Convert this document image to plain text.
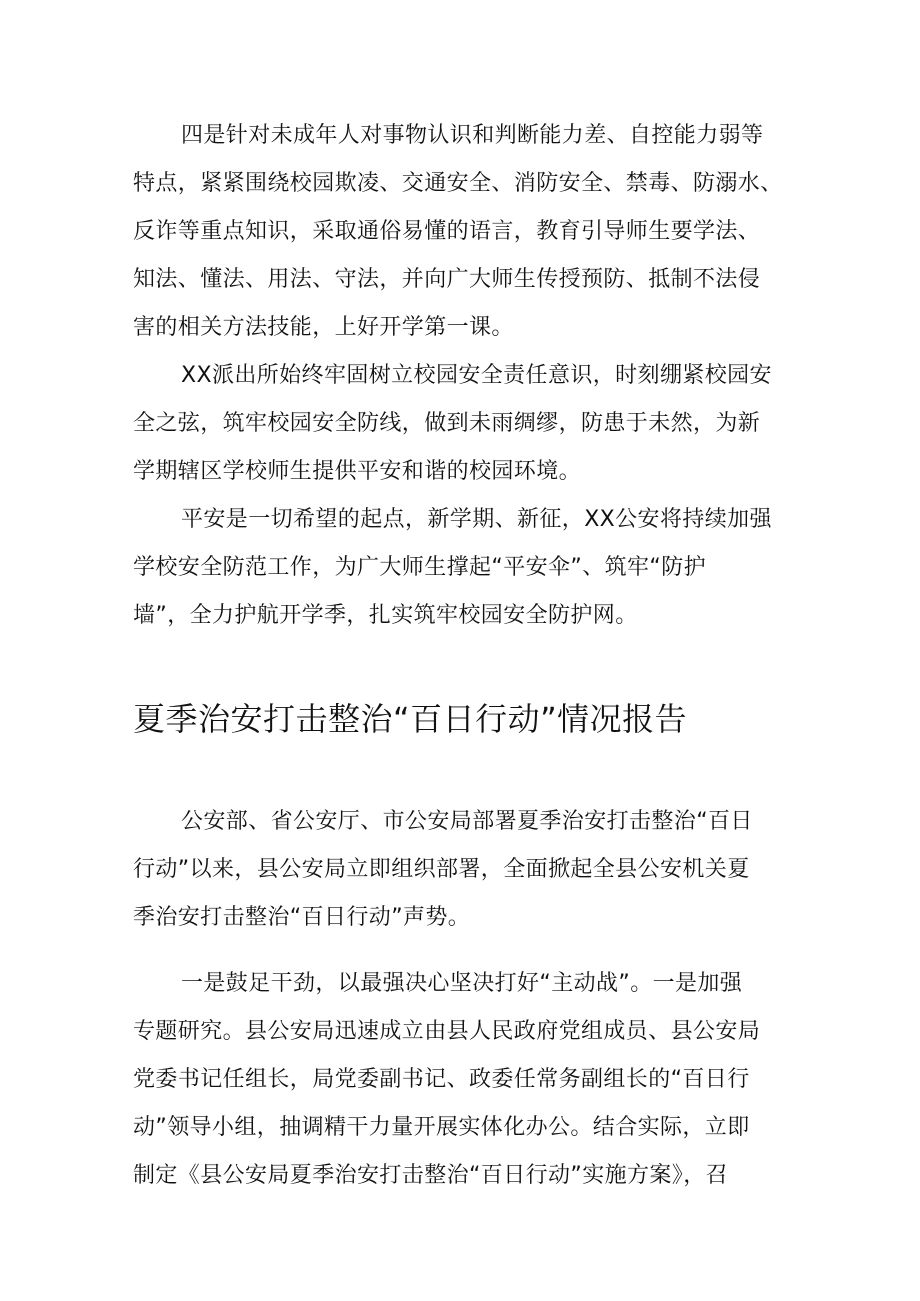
四是针对未成年人对事物认识和判断能力差、自控能力弱等
特点，紧紧围绕校园欺凌、交通安全、消防安全、禁毒、防溺水、
反诈等重点知识，采取通俗易懂的语言，教育引导师生要学法、
知法、懂法、用法、守法，并向广大师生传授预防、抵制不法侵
害的相关方法技能，上好开学第一课。

XX派出所始终牢固树立校园安全责任意识，时刻绷紧校园安
全之弦，筑牢校园安全防线，做到未雨绸缪，防患于未然，为新
学期辖区学校师生提供平安和谐的校园环境。

平安是一切希望的起点，新学期、新征，XX公安将持续加强
学校安全防范工作，为广大师生撑起“平安伞”、筑牢“防护
墙”，全力护航开学季，扎实筑牢校园安全防护网。

夏季治安打击整治“百日行动”情况报告

公安部、省公安厅、市公安局部署夏季治安打击整治“百日
行动”以来，县公安局立即组织部署，全面掀起全县公安机关夏
季治安打击整治“百日行动”声势。

一是鼓足干劲，以最强决心坚决打好“主动战”。一是加强
专题研究。县公安局迅速成立由县人民政府党组成员、县公安局
党委书记任组长，局党委副书记、政委任常务副组长的“百日行
动”领导小组，抽调精干力量开展实体化办公。结合实际，立即
制定《县公安局夏季治安打击整治“百日行动”实施方案》，召
